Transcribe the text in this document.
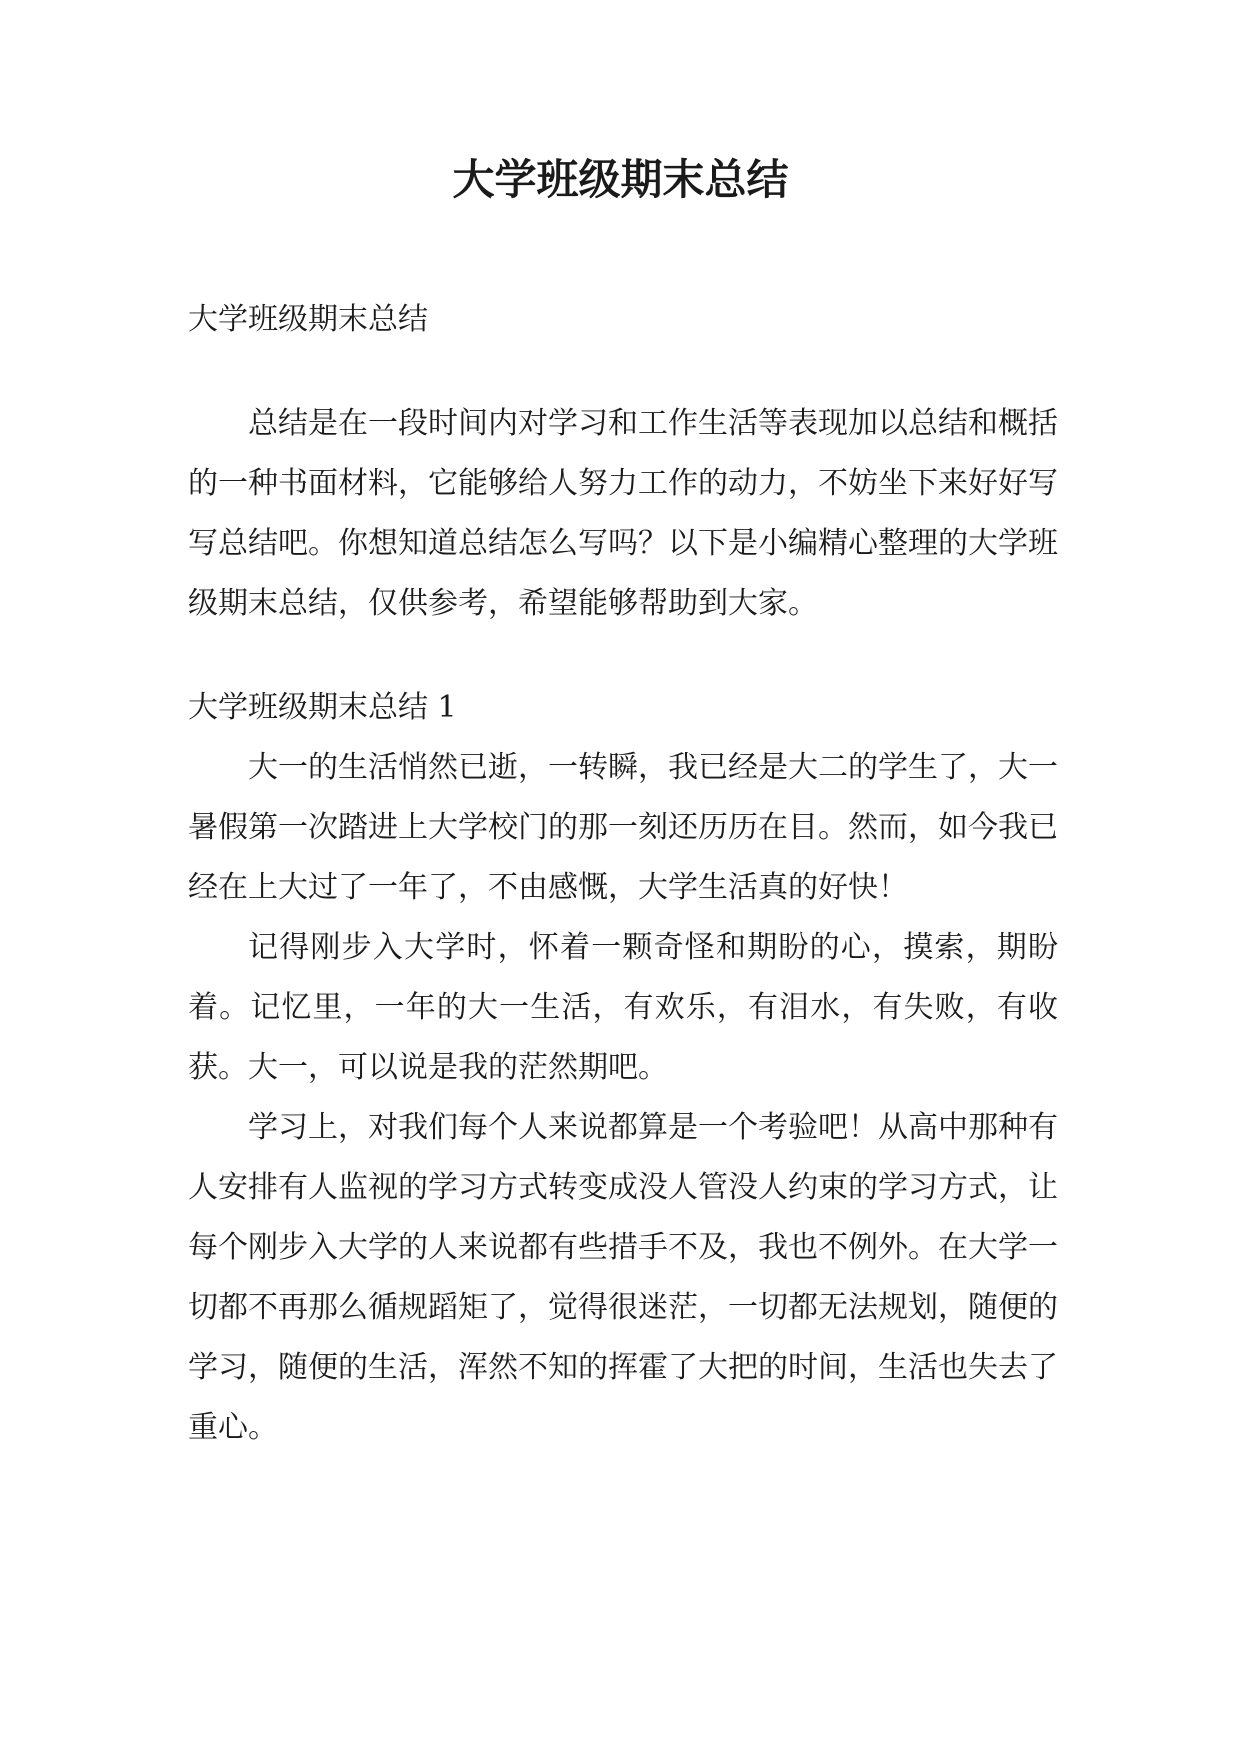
大学班级期末总结

大学班级期末总结

总结是在一段时间内对学习和工作生活等表现加以总结和概括的一种书面材料，它能够给人努力工作的动力，不妨坐下来好好写写总结吧。你想知道总结怎么写吗？以下是小编精心整理的大学班级期末总结，仅供参考，希望能够帮助到大家。

大学班级期末总结 1

大一的生活悄然已逝，一转瞬，我已经是大二的学生了，大一暑假第一次踏进上大学校门的那一刻还历历在目。然而，如今我已经在上大过了一年了，不由感慨，大学生活真的好快！

记得刚步入大学时，怀着一颗奇怪和期盼的心，摸索，期盼着。记忆里，一年的大一生活，有欢乐，有泪水，有失败，有收获。大一，可以说是我的茫然期吧。

学习上，对我们每个人来说都算是一个考验吧！从高中那种有人安排有人监视的学习方式转变成没人管没人约束的学习方式，让每个刚步入大学的人来说都有些措手不及，我也不例外。在大学一切都不再那么循规蹈矩了，觉得很迷茫，一切都无法规划，随便的学习，随便的生活，浑然不知的挥霍了大把的时间，生活也失去了重心。
